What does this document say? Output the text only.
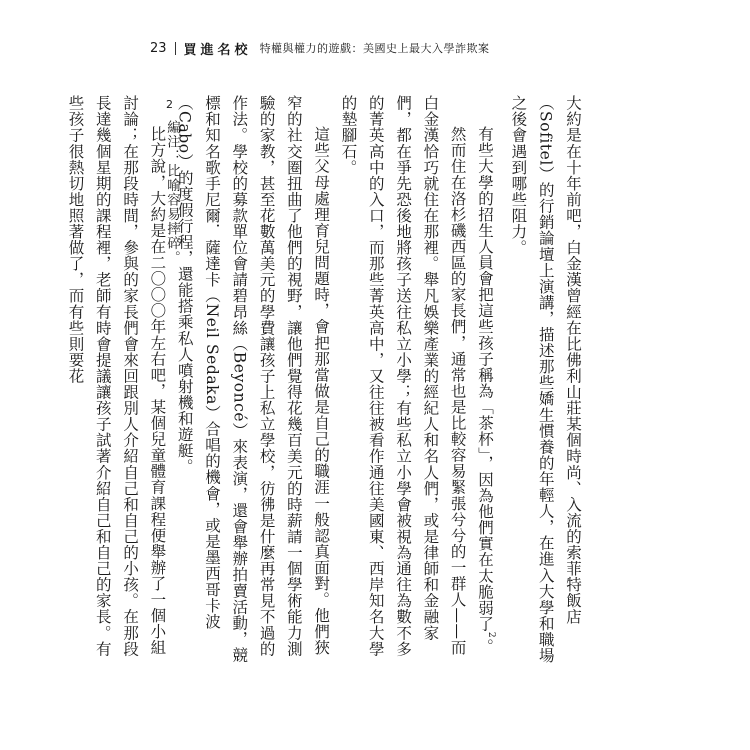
23 買進名校 特權與權力的遊戲：美國史上最大入學詐欺案

大約是在十年前吧，白金漢曾經在比佛利山莊某個時尚、入流的索菲特飯店（Sofitel）的行銷論壇上演講，描述那些嬌生慣養的年輕人，在進入大學和職場之後會遇到哪些阻力。

有些大學的招生人員會把這些孩子稱為「茶杯」，因為他們實在太脆弱了$^2$。

然而住在洛杉磯西區的家長們，通常也是比較容易緊張兮兮的一群人——而白金漢恰巧就住在那裡。舉凡娛樂產業的經紀人和名人們，或是律師和金融家們，都在爭先恐後地將孩子送往私立小學；有些私立小學會被視為通往為數不多的菁英高中的入口，而那些菁英高中，又往往被看作通往美國東、西岸知名大學的墊腳石。

這些父母處理育兒問題時，會把那當做是自己的職涯一般認真面對。他們狹窄的社交圈扭曲了他們的視野，讓他們覺得花幾百美元的時薪請一個學術能力測驗的家教，甚至花數萬美元的學費讓孩子上私立學校，彷彿是什麼再常見不過的作法。學校的募款單位會請碧昂絲（Beyoncé）來表演，還會舉辦拍賣活動，競標和知名歌手尼爾．薩達卡（Neil Sedaka）合唱的機會，或是墨西哥卡波（Cabo）的度假行程，還能搭乘私人噴射機和遊艇。

比方說，大約是在二〇〇〇年左右吧，某個兒童體育課程便舉辦了一個小組討論；在那段時間，參與的家長們會來回跟別人介紹自己和自己的小孩。在那段長達幾個星期的課程裡，老師有時會提議讓孩子試著介紹自己和自己的家長。有些孩子很熱切地照著做了，而有些則要花	2
編注：比喻容易摔碎。
